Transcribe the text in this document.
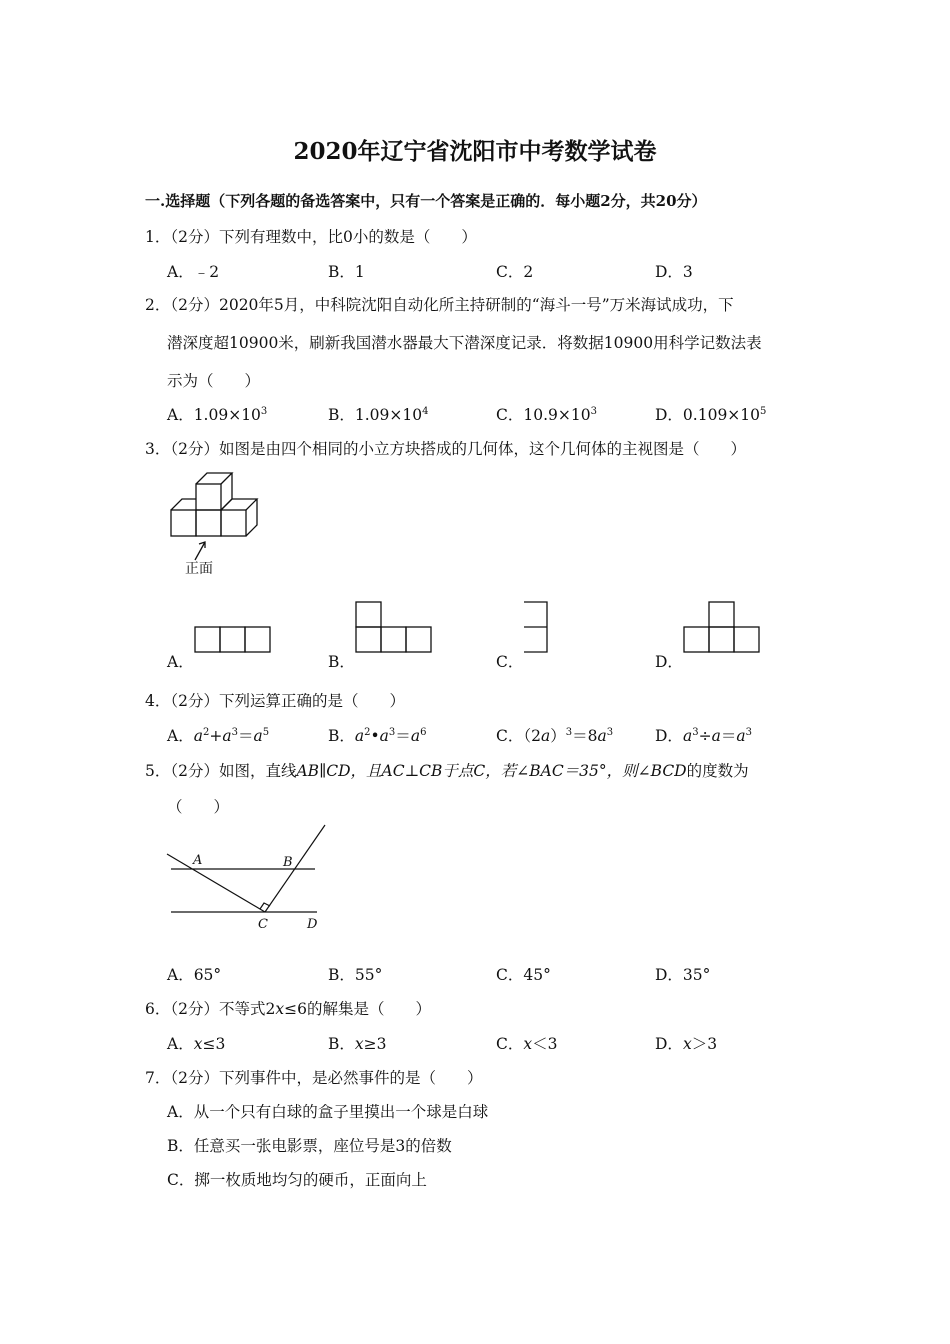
2020年辽宁省沈阳市中考数学试卷
一.选择题（下列各题的备选答案中，只有一个答案是正确的．每小题2分，共20分）
1．（2分）下列有理数中，比0小的数是（　　）
A．﹣2	B．1	C．2	D．3
2．（2分）2020年5月，中科院沈阳自动化所主持研制的“海斗一号”万米海试成功，下
潜深度超10900米，刷新我国潜水器最大下潜深度记录．将数据10900用科学记数法表
示为（　　）
A．$1.09\times 10^3$	B．$1.09\times 10^4$	C．$10.9\times 10^3$	D．$0.109\times 10^5$
3．（2分）如图是由四个相同的小立方块搭成的几何体，这个几何体的主视图是（　　）
正面
A．	B．	C．	D．
4．（2分）下列运算正确的是（　　）
A．$a^2+a^3=a^5$	B．$a^2•a^3=a^6$	C．$(2a)^3=8a^3$	D．$a^3\div a=a^3$
5．（2分）如图，直线AB∥CD，且AC⊥CB于点C，若∠BAC＝35°，则∠BCD的度数为
（　　）
A	B
C	D
A．65°	B．55°	C．45°	D．35°
6．（2分）不等式2x≤6的解集是（　　）
A．x≤3	B．x≥3	C．x＜3	D．x＞3
7．（2分）下列事件中，是必然事件的是（　　）
A．从一个只有白球的盒子里摸出一个球是白球
B．任意买一张电影票，座位号是3的倍数
C．掷一枚质地均匀的硬币，正面向上
